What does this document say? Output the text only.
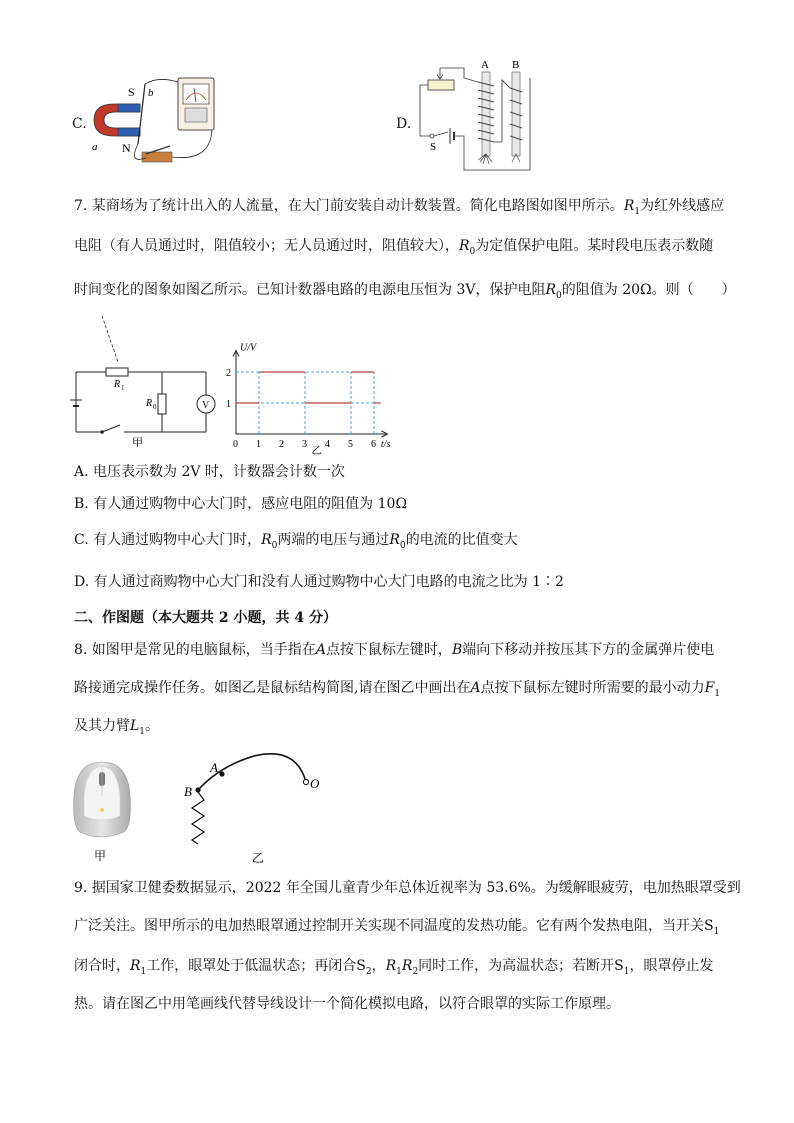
C.
S b
N
a
D.
A B
S
7. 某商场为了统计出入的人流量，在大门前安装自动计数装置。简化电路图如图甲所示。$R_1$为红外线感应
电阻（有人员通过时，阻值较小；无人员通过时，阻值较大），$R_0$为定值保护电阻。某时段电压表示数随
时间变化的图象如图乙所示。已知计数器电路的电源电压恒为 3V，保护电阻$R_0$的阻值为 20Ω。则（　　）
R 1
R 0	V
甲	0 1 2 3 4 5 6
1
2
U/V
t/s
乙
A. 电压表示数为 2V 时，计数器会计数一次
B. 有人通过购物中心大门时，感应电阻的阻值为 10Ω
C. 有人通过购物中心大门时，$R_0$两端的电压与通过$R_0$的电流的比值变大
D. 有人通过商购物中心大门和没有人通过购物中心大门电路的电流之比为 1∶2
二、作图题（本大题共 2 小题，共 4 分）
8. 如图甲是常见的电脑鼠标，当手指在A点按下鼠标左键时，B端向下移动并按压其下方的金属弹片使电
路接通完成操作任务。如图乙是鼠标结构简图,请在图乙中画出在A点按下鼠标左键时所需要的最小动力$F_1$
及其力臂$L_1$。
甲
A
B
O
乙
9. 据国家卫健委数据显示，2022 年全国儿童青少年总体近视率为 53.6%。为缓解眼疲劳，电加热眼罩受到
广泛关注。图甲所示的电加热眼罩通过控制开关实现不同温度的发热功能。它有两个发热电阻，当开关$S_1$
闭合时，$R_1$工作，眼罩处于低温状态；再闭合$S_2$，$R_1R_2$同时工作，为高温状态；若断开$S_1$，眼罩停止发
热。请在图乙中用笔画线代替导线设计一个简化模拟电路，以符合眼罩的实际工作原理。
